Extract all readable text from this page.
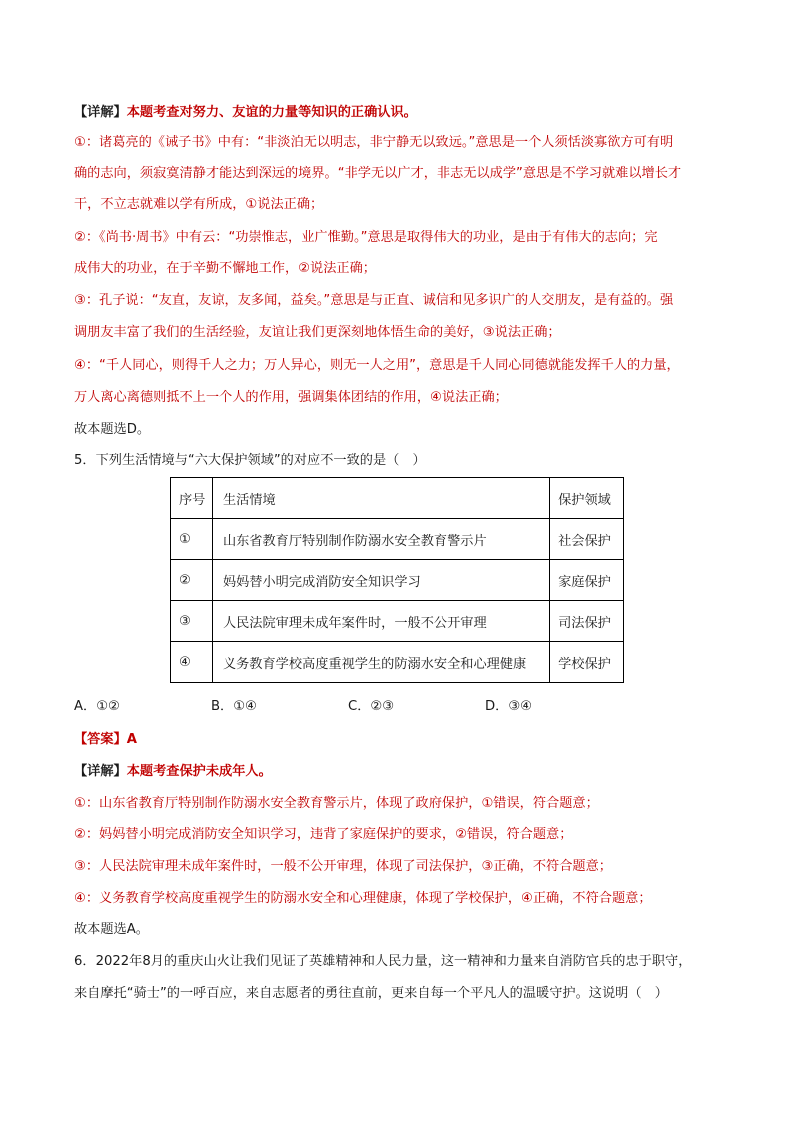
【详解】本题考查对努力、友谊的力量等知识的正确认识。
①：诸葛亮的《诫子书》中有：“非淡泊无以明志，非宁静无以致远。”意思是一个人须恬淡寡欲方可有明
确的志向，须寂寞清静才能达到深远的境界。“非学无以广才，非志无以成学”意思是不学习就难以增长才
干，不立志就难以学有所成，①说法正确；
②：《尚书·周书》中有云：“功崇惟志，业广惟勤。”意思是取得伟大的功业，是由于有伟大的志向；完
成伟大的功业，在于辛勤不懈地工作，②说法正确；
③：孔子说：“友直，友谅，友多闻，益矣。”意思是与正直、诚信和见多识广的人交朋友，是有益的。强
调朋友丰富了我们的生活经验，友谊让我们更深刻地体悟生命的美好，③说法正确；
④：“千人同心，则得千人之力；万人异心，则无一人之用”，意思是千人同心同德就能发挥千人的力量，
万人离心离德则抵不上一个人的作用，强调集体团结的作用，④说法正确；
故本题选D。
5．下列生活情境与“六大保护领域”的对应不一致的是（　）
序号	生活情境	保护领域
①	山东省教育厅特别制作防溺水安全教育警示片	社会保护
②	妈妈替小明完成消防安全知识学习	家庭保护
③	人民法院审理未成年案件时，一般不公开审理	司法保护
④	义务教育学校高度重视学生的防溺水安全和心理健康	学校保护
A．①②	B．①④	C．②③	D．③④
【答案】A
【详解】本题考查保护未成年人。
①：山东省教育厅特别制作防溺水安全教育警示片，体现了政府保护，①错误，符合题意；
②：妈妈替小明完成消防安全知识学习，违背了家庭保护的要求，②错误，符合题意；
③：人民法院审理未成年案件时，一般不公开审理，体现了司法保护，③正确，不符合题意；
④：义务教育学校高度重视学生的防溺水安全和心理健康，体现了学校保护，④正确，不符合题意；
故本题选A。
6．2022年8月的重庆山火让我们见证了英雄精神和人民力量，这一精神和力量来自消防官兵的忠于职守，
来自摩托“骑士”的一呼百应，来自志愿者的勇往直前，更来自每一个平凡人的温暖守护。这说明（　）
